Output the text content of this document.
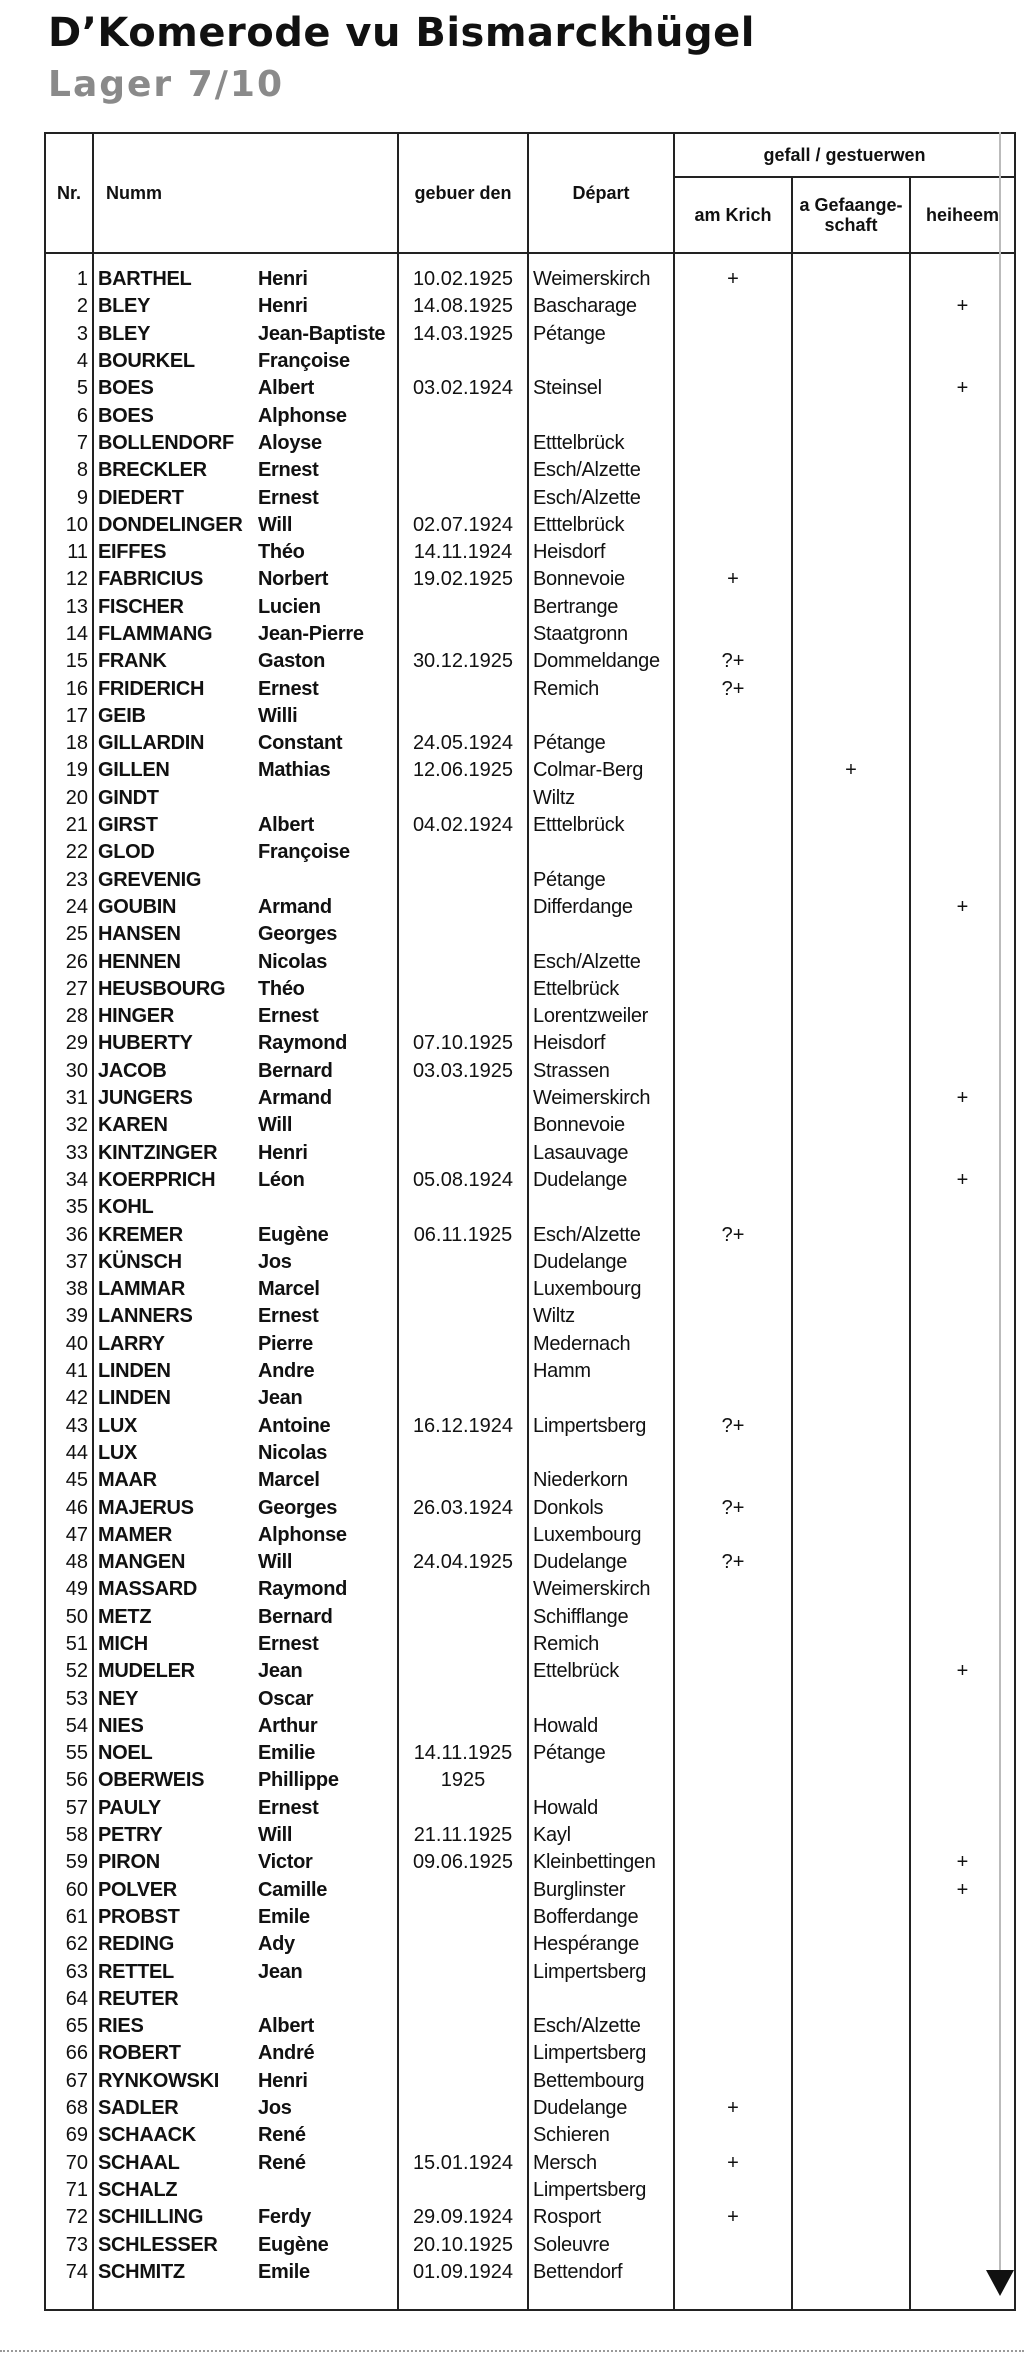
D’Komerode vu Bismarckhügel
Lager 7/10
Nr.	Numm	gebuer den	Départ	gefall / gestuerwen		
				am Krich	a Gefaange-schaft	heiheem
1	BARTHEL Henri	10.02.1925	Weimerskirch	+		
2	BLEY Henri	14.08.1925	Bascharage			+
3	BLEY Jean-Baptiste	14.03.1925	Pétange			
4	BOURKEL Françoise					
5	BOES Albert	03.02.1924	Steinsel			+
6	BOES Alphonse					
7	BOLLENDORF Aloyse		Etttelbrück			
8	BRECKLER Ernest		Esch/Alzette			
9	DIEDERT Ernest		Esch/Alzette			
10	DONDELINGER Will	02.07.1924	Etttelbrück			
11	EIFFES Théo	14.11.1924	Heisdorf			
12	FABRICIUS Norbert	19.02.1925	Bonnevoie	+		
13	FISCHER Lucien		Bertrange			
14	FLAMMANG Jean-Pierre		Staatgronn			
15	FRANK Gaston	30.12.1925	Dommeldange	?+		
16	FRIDERICH Ernest		Remich	?+		
17	GEIB Willi					
18	GILLARDIN Constant	24.05.1924	Pétange			
19	GILLEN Mathias	12.06.1925	Colmar-Berg		+	
20	GINDT		Wiltz			
21	GIRST Albert	04.02.1924	Etttelbrück			
22	GLOD Françoise					
23	GREVENIG		Pétange			
24	GOUBIN Armand		Differdange			+
25	HANSEN Georges					
26	HENNEN Nicolas		Esch/Alzette			
27	HEUSBOURG Théo		Ettelbrück			
28	HINGER Ernest		Lorentzweiler			
29	HUBERTY Raymond	07.10.1925	Heisdorf			
30	JACOB Bernard	03.03.1925	Strassen			
31	JUNGERS Armand		Weimerskirch			+
32	KAREN Will		Bonnevoie			
33	KINTZINGER Henri		Lasauvage			
34	KOERPRICH Léon	05.08.1924	Dudelange			+
35	KOHL					
36	KREMER Eugène	06.11.1925	Esch/Alzette	?+		
37	KÜNSCH Jos		Dudelange			
38	LAMMAR Marcel		Luxembourg			
39	LANNERS Ernest		Wiltz			
40	LARRY Pierre		Medernach			
41	LINDEN Andre		Hamm			
42	LINDEN Jean					
43	LUX Antoine	16.12.1924	Limpertsberg	?+		
44	LUX Nicolas					
45	MAAR Marcel		Niederkorn			
46	MAJERUS Georges	26.03.1924	Donkols	?+		
47	MAMER Alphonse		Luxembourg			
48	MANGEN Will	24.04.1925	Dudelange	?+		
49	MASSARD Raymond		Weimerskirch			
50	METZ Bernard		Schifflange			
51	MICH Ernest		Remich			
52	MUDELER Jean		Ettelbrück			+
53	NEY Oscar					
54	NIES Arthur		Howald			
55	NOEL Emilie	14.11.1925	Pétange			
56	OBERWEIS Phillippe	1925				
57	PAULY Ernest		Howald			
58	PETRY Will	21.11.1925	Kayl			
59	PIRON Victor	09.06.1925	Kleinbettingen			+
60	POLVER Camille		Burglinster			+
61	PROBST Emile		Bofferdange			
62	REDING Ady		Hespérange			
63	RETTEL Jean		Limpertsberg			
64	REUTER					
65	RIES Albert		Esch/Alzette			
66	ROBERT André		Limpertsberg			
67	RYNKOWSKI Henri		Bettembourg			
68	SADLER Jos		Dudelange	+		
69	SCHAACK René		Schieren			
70	SCHAAL René	15.01.1924	Mersch	+		
71	SCHALZ		Limpertsberg			
72	SCHILLING Ferdy	29.09.1924	Rosport	+		
73	SCHLESSER Eugène	20.10.1925	Soleuvre			
74	SCHMITZ Emile	01.09.1924	Bettendorf			
